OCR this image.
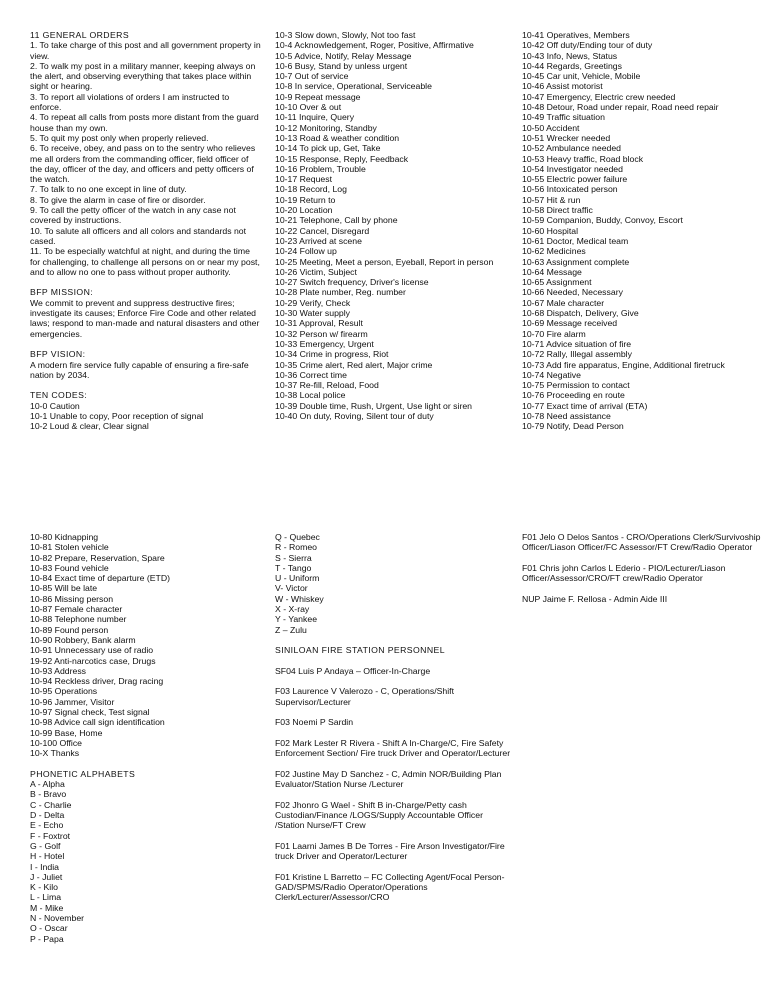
11 GENERAL ORDERS
1. To take charge of this post and all government property in view.
2. To walk my post in a military manner, keeping always on the alert, and observing everything that takes place within sight or hearing.
3. To report all violations of orders I am instructed to enforce.
4. To repeat all calls from posts more distant from the guard house than my own.
5. To quit my post only when properly relieved.
6. To receive, obey, and pass on to the sentry who relieves me all orders from the commanding officer, field officer of the day, officer of the day, and officers and petty officers of the watch.
7. To talk to no one except in line of duty.
8. To give the alarm in case of fire or disorder.
9. To call the petty officer of the watch in any case not covered by instructions.
10. To salute all officers and all colors and standards not cased.
11. To be especially watchful at night, and during the time for challenging, to challenge all persons on or near my post, and to allow no one to pass without proper authority.
BFP MISSION:
We commit to prevent and suppress destructive fires; investigate its causes; Enforce Fire Code and other related laws; respond to man-made and natural disasters and other emergencies.
BFP VISION:
A modern fire service fully capable of ensuring a fire-safe nation by 2034.
TEN CODES:
10-0 Caution
10-1 Unable to copy, Poor reception of signal
10-2 Loud & clear, Clear signal
10-3 Slow down, Slowly, Not too fast
10-4 Acknowledgement, Roger, Positive, Affirmative
10-5 Advice, Notify, Relay Message
10-6 Busy, Stand by unless urgent
10-7 Out of service
10-8 In service, Operational, Serviceable
10-9 Repeat message
10-10 Over & out
10-11 Inquire, Query
10-12 Monitoring, Standby
10-13 Road & weather condition
10-14 To pick up, Get, Take
10-15 Response, Reply, Feedback
10-16 Problem, Trouble
10-17 Request
10-18 Record, Log
10-19 Return to
10-20 Location
10-21 Telephone, Call by phone
10-22 Cancel, Disregard
10-23 Arrived at scene
10-24 Follow up
10-25 Meeting, Meet a person, Eyeball, Report in person
10-26 Victim, Subject
10-27 Switch frequency, Driver's license
10-28 Plate number, Reg. number
10-29 Verify, Check
10-30 Water supply
10-31 Approval, Result
10-32 Person w/ firearm
10-33 Emergency, Urgent
10-34 Crime in progress, Riot
10-35 Crime alert, Red alert, Major crime
10-36 Correct time
10-37 Re-fill, Reload, Food
10-38 Local police
10-39 Double time, Rush, Urgent, Use light or siren
10-40 On duty, Roving, Silent tour of duty
10-41 Operatives, Members
10-42 Off duty/Ending tour of duty
10-43 Info, News, Status
10-44 Regards, Greetings
10-45 Car unit, Vehicle, Mobile
10-46 Assist motorist
10-47 Emergency, Electric crew needed
10-48 Detour, Road under repair, Road need repair
10-49 Traffic situation
10-50 Accident
10-51 Wrecker needed
10-52 Ambulance needed
10-53 Heavy traffic, Road block
10-54 Investigator needed
10-55 Electric power failure
10-56 Intoxicated person
10-57 Hit & run
10-58 Direct traffic
10-59 Companion, Buddy, Convoy, Escort
10-60 Hospital
10-61 Doctor, Medical team
10-62 Medicines
10-63 Assignment complete
10-64 Message
10-65 Assignment
10-66 Needed, Necessary
10-67 Male character
10-68 Dispatch, Delivery, Give
10-69 Message received
10-70 Fire alarm
10-71 Advice situation of fire
10-72 Rally, Illegal assembly
10-73 Add fire apparatus, Engine, Additional firetruck
10-74 Negative
10-75 Permission to contact
10-76 Proceeding en route
10-77 Exact time of arrival (ETA)
10-78 Need assistance
10-79 Notify, Dead Person
10-80 Kidnapping
10-81 Stolen vehicle
10-82 Prepare, Reservation, Spare
10-83 Found vehicle
10-84 Exact time of departure (ETD)
10-85 Will be late
10-86 Missing person
10-87 Female character
10-88 Telephone number
10-89 Found person
10-90 Robbery, Bank alarm
10-91 Unnecessary use of radio
19-92 Anti-narcotics case, Drugs
10-93 Address
10-94 Reckless driver, Drag racing
10-95 Operations
10-96 Jammer, Visitor
10-97 Signal check, Test signal
10-98 Advice call sign identification
10-99 Base, Home
10-100 Office
10-X Thanks
PHONETIC ALPHABETS
A - Alpha
B - Bravo
C - Charlie
D - Delta
E - Echo
F - Foxtrot
G - Golf
H - Hotel
I - India
J - Juliet
K - Kilo
L - Lima
M - Mike
N - November
O - Oscar
P - Papa
Q - Quebec
R - Romeo
S - Sierra
T - Tango
U - Uniform
V- Victor
W - Whiskey
X - X-ray
Y - Yankee
Z – Zulu
SINILOAN FIRE STATION PERSONNEL
SF04 Luis P Andaya – Officer-In-Charge
F03 Laurence V Valerozo - C, Operations/Shift Supervisor/Lecturer
F03 Noemi P Sardin
F02 Mark Lester R Rivera - Shift A In-Charge/C, Fire Safety Enforcement Section/ Fire truck Driver and Operator/Lecturer
F02 Justine May D Sanchez - C, Admin NOR/Building Plan Evaluator/Station Nurse /Lecturer
F02 Jhonro G Wael - Shift B in-Charge/Petty cash Custodian/Finance /LOGS/Supply Accountable Officer /Station Nurse/FT Crew
F01 Laarni James B De Torres - Fire Arson Investigator/Fire truck Driver and Operator/Lecturer
F01 Kristine L Barretto – FC Collecting Agent/Focal Person-GAD/SPMS/Radio Operator/Operations Clerk/Lecturer/Assessor/CRO
F01 Jelo O Delos Santos - CRO/Operations Clerk/Survivoship Officer/Liason Officer/FC Assessor/FT Crew/Radio Operator
F01 Chris john Carlos L Ederio - PIO/Lecturer/Liason Officer/Assessor/CRO/FT crew/Radio Operator
NUP Jaime F. Rellosa - Admin Aide III
